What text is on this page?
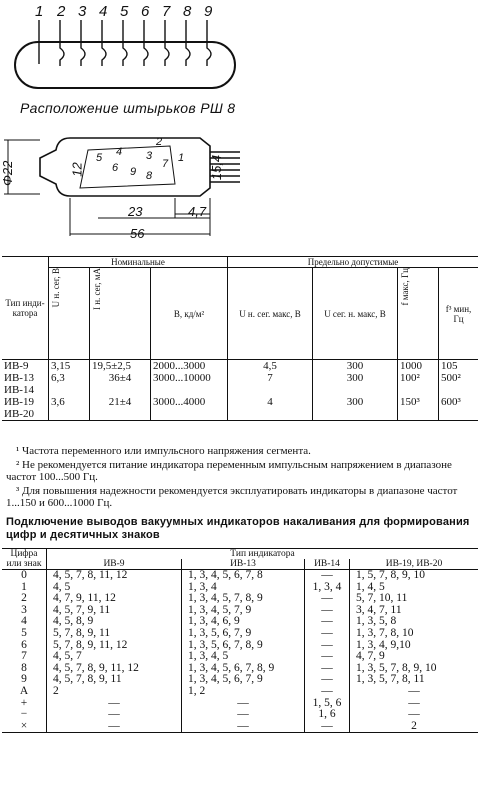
1 2 3 4 5 6 7 8 9
Расположение штырьков РШ 8
Φ22	12	15,4
23	4,7
56
5 4
6
3
2
9 8
7 1
Тип инди-катора	Номинальные			Предельно допустимые			

	U н. сег, В	I н. сег, мА	B, кд/м²	U н. сег. макс, В	U сег. н. макс, В	f макс, Гц	f³ мин, Гц
ИВ-9	3,15	19,5±2,5	2000...3000	4,5	300	1000	105
ИВ-13	6,3	36±4	3000...10000	7	300	100²	500²
ИВ-14							
ИВ-19	3,6	21±4	3000...4000	4	300	150³	600³
ИВ-20							

¹ Частота переменного или импульсного напряжения сегмента.

² Не рекомендуется питание индикатора переменным импульсным напряжением в диапазоне частот 100...500 Гц.

³ Для повышения надежности рекомендуется эксплуатировать индикаторы в диапазоне частот 1...150 и 600...1000 Гц.

Подключение выводов вакуумных индикаторов накаливания для формирования цифр и десятичных знаков
Цифра или знак	Тип индикатора			
	ИВ-9	ИВ-13	ИВ-14	ИВ-19, ИВ-20
0	4, 5, 7, 8, 11, 12	1, 3, 4, 5, 6, 7, 8	—	1, 5, 7, 8, 9, 10
1	4, 5	1, 3, 4	1, 3, 4	1, 4, 5
2	4, 7, 9, 11, 12	1, 3, 4, 5, 7, 8, 9	—	5, 7, 10, 11
3	4, 5, 7, 9, 11	1, 3, 4, 5, 7, 9	—	3, 4, 7, 11
4	4, 5, 8, 9	1, 3, 4, 6, 9	—	1, 3, 5, 8
5	5, 7, 8, 9, 11	1, 3, 5, 6, 7, 9	—	1, 3, 7, 8, 10
6	5, 7, 8, 9, 11, 12	1, 3, 5, 6, 7, 8, 9	—	1, 3, 4, 9,10
7	4, 5, 7	1, 3, 4, 5	—	4, 7, 9
8	4, 5, 7, 8, 9, 11, 12	1, 3, 4, 5, 6, 7, 8, 9	—	1, 3, 5, 7, 8, 9, 10
9	4, 5, 7, 8, 9, 11	1, 3, 4, 5, 6, 7, 9	—	1, 3, 5, 7, 8, 11
А	2	1, 2	—	—
+	—	—	1, 5, 6	—
−	—	—	1, 6	—
×	—	—	—	2
